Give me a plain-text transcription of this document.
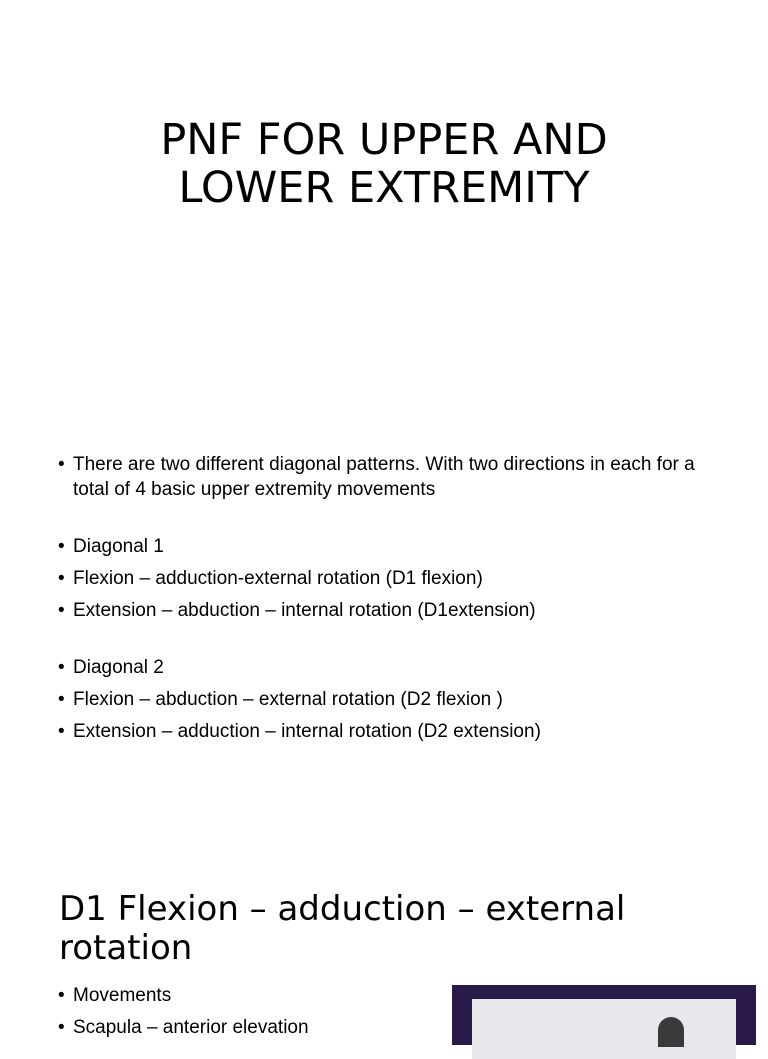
PNF FOR UPPER AND
LOWER EXTREMITY
• There are two different diagonal patterns. With two directions in each for a total of 4 basic upper extremity movements
• Diagonal 1
• Flexion – adduction-external rotation (D1 flexion)
• Extension – abduction – internal rotation (D1extension)
• Diagonal 2
• Flexion – abduction – external rotation (D2 flexion )
• Extension – adduction – internal rotation (D2 extension)
D1 Flexion – adduction – external rotation
• Movements
• Scapula – anterior elevation
